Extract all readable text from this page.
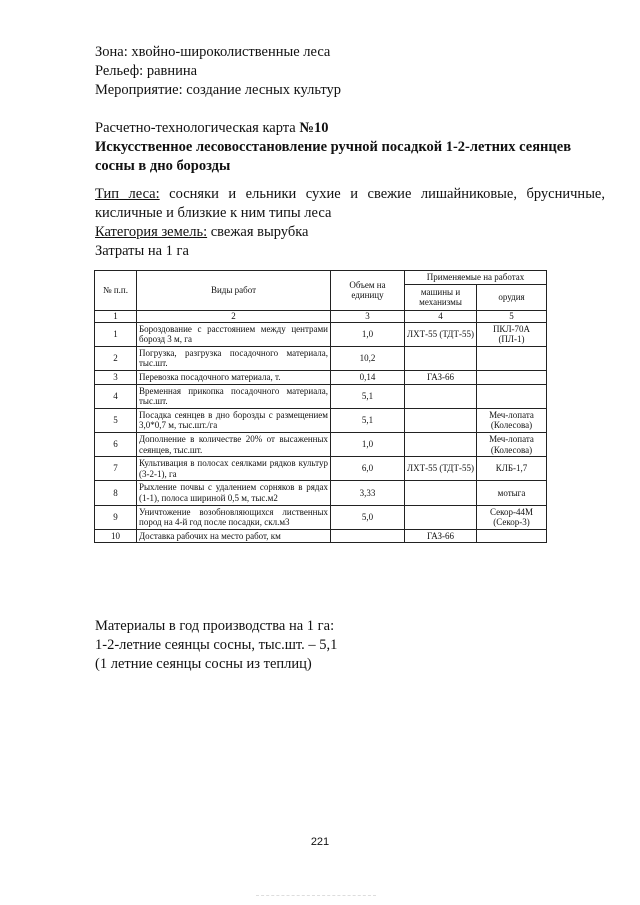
Зона: хвойно-широколиственные леса
Рельеф: равнина
Мероприятие: создание лесных культур
Расчетно-технологическая карта №10
Искусственное лесовосстановление ручной посадкой 1-2-летних сеянцев
сосны в дно борозды
Тип леса: сосняки и ельники сухие и свежие лишайниковые, брусничные, кисличные и близкие к ним типы леса
Категория земель: свежая вырубка
Затраты на 1 га
№ п.п.	Виды работ	Объем на единицу	Применяемые на работах	
			машины и механизмы	орудия
1	2	3	4	5
1	Бороздование с расстоянием между центрами борозд 3 м, га	1,0	ЛХТ-55 (ТДТ-55)	ПКЛ-70А (ПЛ-1)
2	Погрузка, разгрузка посадочного материала, тыс.шт.	10,2		
3	Перевозка посадочного материала, т.	0,14	ГАЗ-66	
4	Временная прикопка посадочного материала, тыс.шт.	5,1		
5	Посадка сеянцев в дно борозды с размещением 3,0*0,7 м, тыс.шт./га	5,1		Меч-лопата (Колесова)
6	Дополнение в количестве 20% от высаженных сеянцев, тыс.шт.	1,0		Меч-лопата (Колесова)
7	Культивация в полосах сеялками рядков культур (3-2-1), га	6,0	ЛХТ-55 (ТДТ-55)	КЛБ-1,7
8	Рыхление почвы с удалением сорняков в рядах (1-1), полоса шириной 0,5 м, тыс.м2	3,33		мотыга
9	Уничтожение возобновляющихся лиственных пород на 4-й год после посадки, скл.м3	5,0		Секор-44М (Секор-3)
10	Доставка рабочих на место работ, км		ГАЗ-66	
Материалы в год производства на 1 га:
1-2-летние сеянцы сосны, тыс.шт. – 5,1
(1 летние сеянцы сосны из теплиц)
221
